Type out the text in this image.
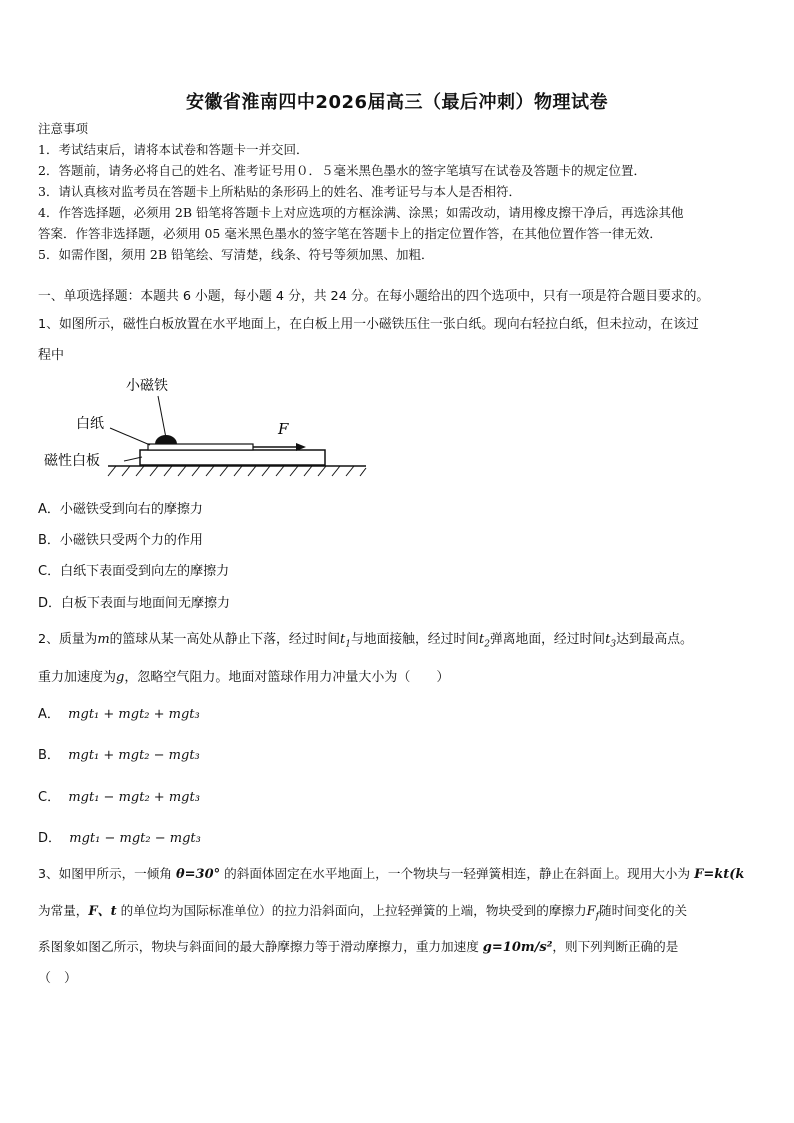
安徽省淮南四中2026届高三（最后冲刺）物理试卷

注意事项

1．考试结束后，请将本试卷和答题卡一并交回．

2．答题前，请务必将自己的姓名、准考证号用０．５毫米黑色墨水的签字笔填写在试卷及答题卡的规定位置．

3．请认真核对监考员在答题卡上所粘贴的条形码上的姓名、准考证号与本人是否相符．

4．作答选择题，必须用 2B 铅笔将答题卡上对应选项的方框涂满、涂黑；如需改动，请用橡皮擦干净后，再选涂其他

答案．作答非选择题，必须用 05 毫米黑色墨水的签字笔在答题卡上的指定位置作答，在其他位置作答一律无效．

5．如需作图，须用 2B 铅笔绘、写清楚，线条、符号等须加黑、加粗．

一、单项选择题：本题共 6 小题，每小题 4 分，共 24 分。在每小题给出的四个选项中，只有一项是符合题目要求的。
1、如图所示，磁性白板放置在水平地面上，在白板上用一小磁铁压住一张白纸。现向右轻拉白纸，但未拉动，在该过
程中
F
小磁铁
白纸
磁性白板
A．小磁铁受到向右的摩擦力
B．小磁铁只受两个力的作用
C．白纸下表面受到向左的摩擦力
D．白板下表面与地面间无摩擦力
2、质量为m的篮球从某一高处从静止下落，经过时间$t_1$与地面接触，经过时间$t_2$弹离地面，经过时间$t_3$达到最高点。
重力加速度为g，忽略空气阻力。地面对篮球作用力冲量大小为（　　）
A． mgt₁ + mgt₂ + mgt₃
B． mgt₁ + mgt₂ − mgt₃
C． mgt₁ − mgt₂ + mgt₃
D． mgt₁ − mgt₂ − mgt₃
3、如图甲所示，一倾角 θ=30° 的斜面体固定在水平地面上，一个物块与一轻弹簧相连，静止在斜面上。现用大小为 F=kt(k
为常量，F、t 的单位均为国际标准单位）的拉力沿斜面向，上拉轻弹簧的上端，物块受到的摩擦力$F_f$随时间变化的关
系图象如图乙所示，物块与斜面间的最大静摩擦力等于滑动摩擦力，重力加速度 g=10m/s²，则下列判断正确的是
（　）
